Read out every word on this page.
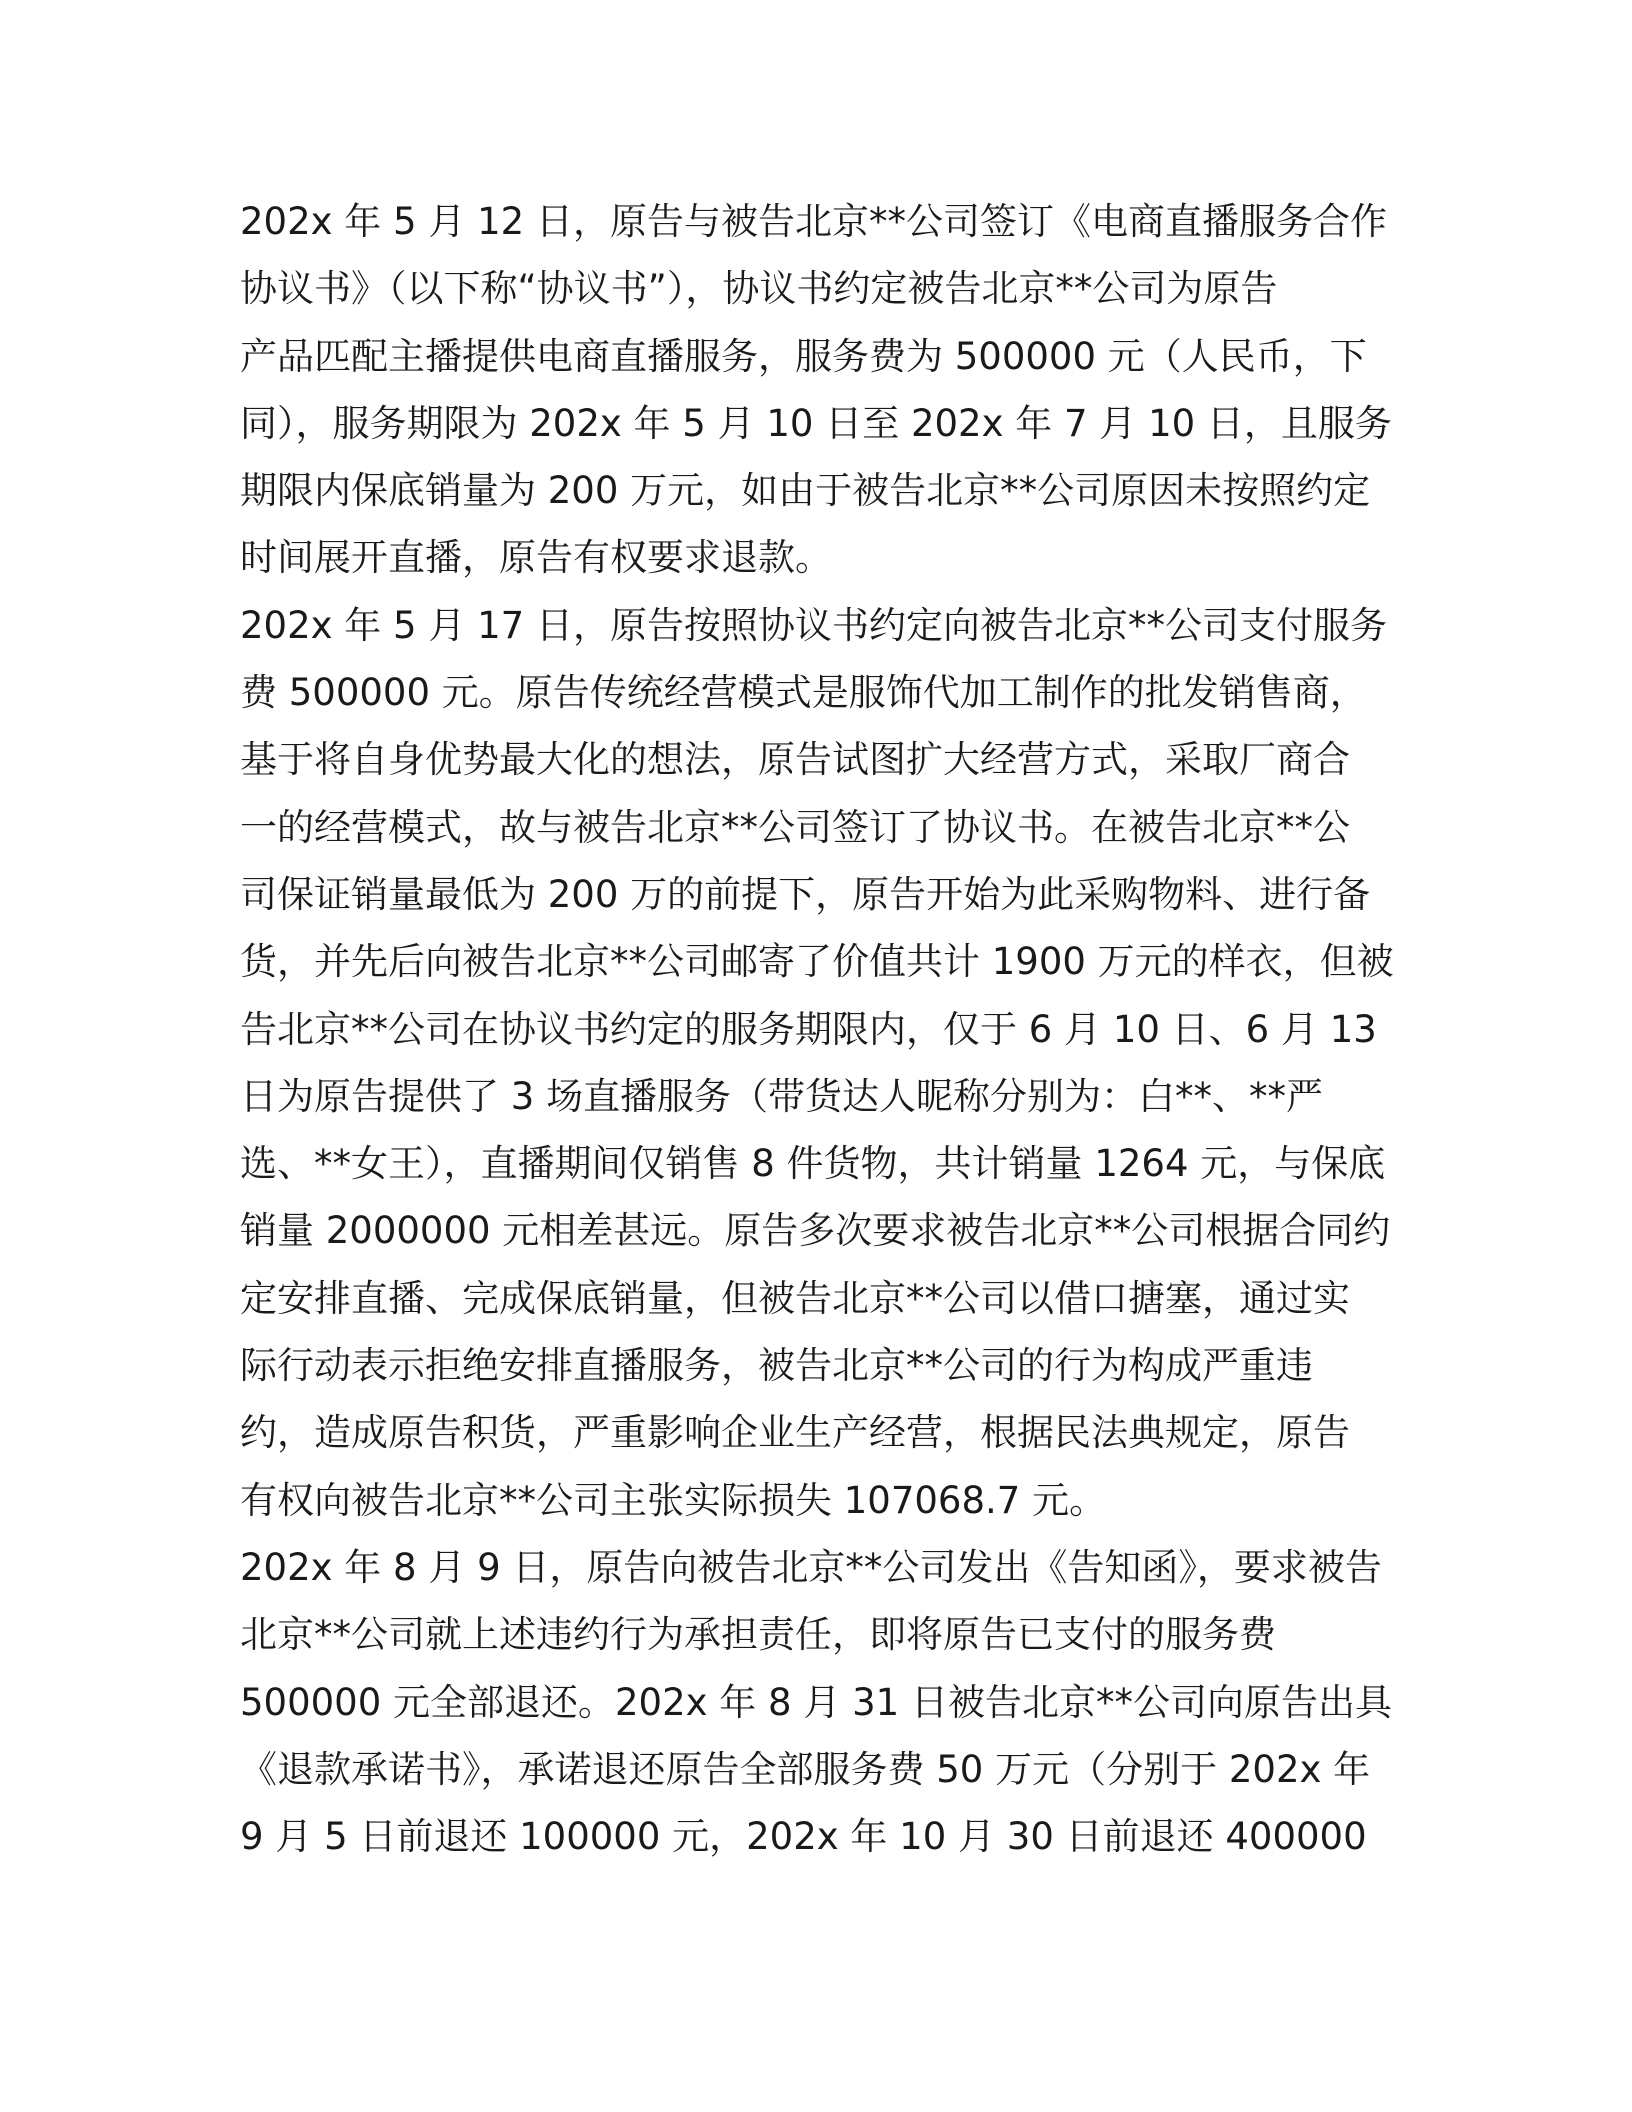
202x 年 5 月 12 日，原告与被告北京**公司签订《电商直播服务合作
协议书》（以下称“协议书”），协议书约定被告北京**公司为原告
产品匹配主播提供电商直播服务，服务费为 500000 元（人民币，下
同），服务期限为 202x 年 5 月 10 日至 202x 年 7 月 10 日，且服务
期限内保底销量为 200 万元，如由于被告北京**公司原因未按照约定
时间展开直播，原告有权要求退款。
202x 年 5 月 17 日，原告按照协议书约定向被告北京**公司支付服务
费 500000 元。原告传统经营模式是服饰代加工制作的批发销售商，
基于将自身优势最大化的想法，原告试图扩大经营方式，采取厂商合
一的经营模式，故与被告北京**公司签订了协议书。在被告北京**公
司保证销量最低为 200 万的前提下，原告开始为此采购物料、进行备
货，并先后向被告北京**公司邮寄了价值共计 1900 万元的样衣，但被
告北京**公司在协议书约定的服务期限内，仅于 6 月 10 日、6 月 13
日为原告提供了 3 场直播服务（带货达人昵称分别为：白**、**严
选、**女王），直播期间仅销售 8 件货物，共计销量 1264 元，与保底
销量 2000000 元相差甚远。原告多次要求被告北京**公司根据合同约
定安排直播、完成保底销量，但被告北京**公司以借口搪塞，通过实
际行动表示拒绝安排直播服务，被告北京**公司的行为构成严重违
约，造成原告积货，严重影响企业生产经营，根据民法典规定，原告
有权向被告北京**公司主张实际损失 107068.7 元。
202x 年 8 月 9 日，原告向被告北京**公司发出《告知函》，要求被告
北京**公司就上述违约行为承担责任，即将原告已支付的服务费
500000 元全部退还。202x 年 8 月 31 日被告北京**公司向原告出具
《退款承诺书》，承诺退还原告全部服务费 50 万元（分别于 202x 年
9 月 5 日前退还 100000 元，202x 年 10 月 30 日前退还 400000
